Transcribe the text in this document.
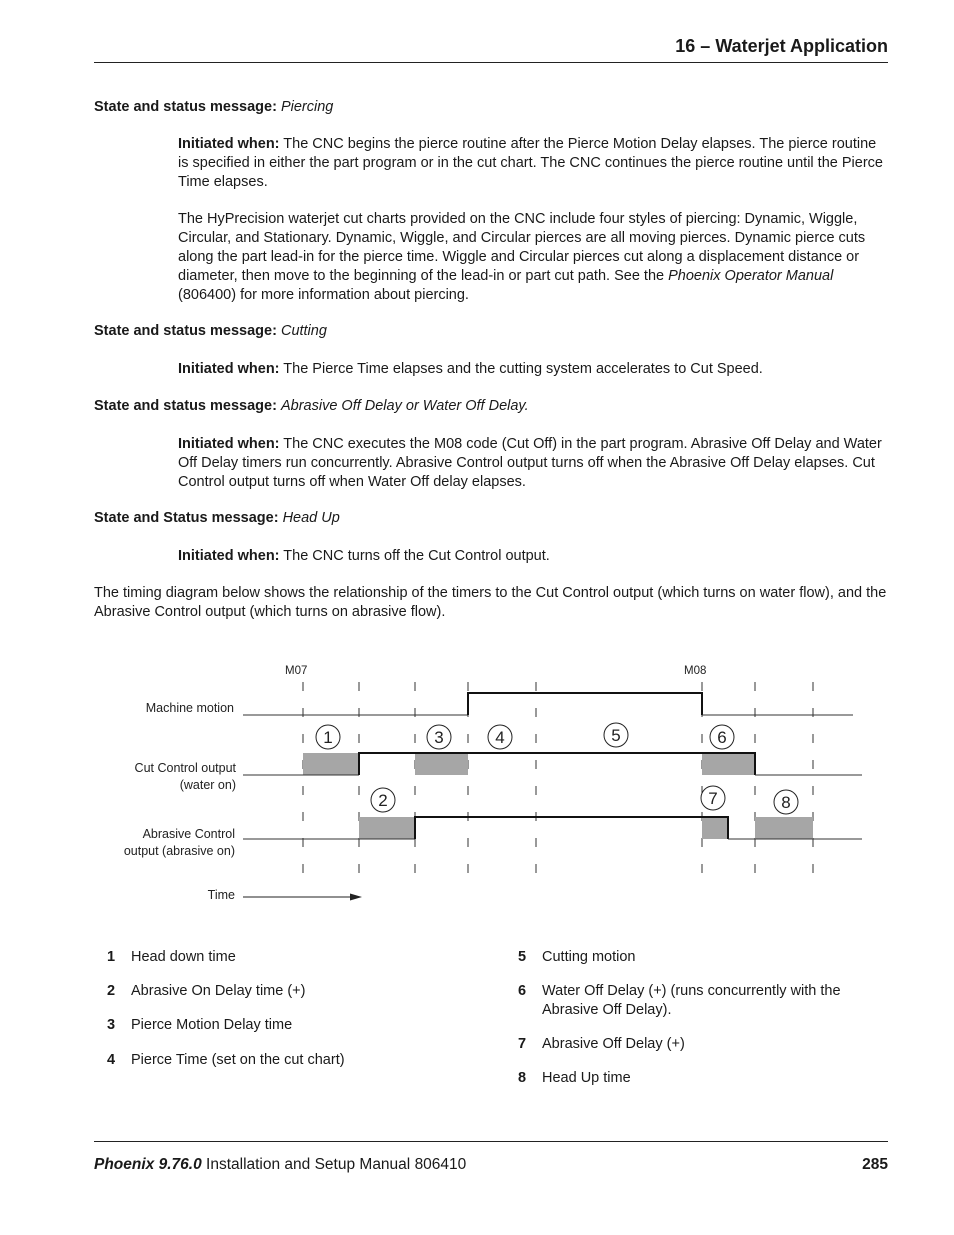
16 – Waterjet Application
State and status message: Piercing
Initiated when: The CNC begins the pierce routine after the Pierce Motion Delay elapses. The pierce routine is specified in either the part program or in the cut chart. The CNC continues the pierce routine until the Pierce Time elapses.
The HyPrecision waterjet cut charts provided on the CNC include four styles of piercing: Dynamic, Wiggle, Circular, and Stationary. Dynamic, Wiggle, and Circular pierces are all moving pierces. Dynamic pierce cuts along the part lead-in for the pierce time. Wiggle and Circular pierces cut along a displacement distance or diameter, then move to the beginning of the lead-in or part cut path. See the Phoenix Operator Manual (806400) for more information about piercing.
State and status message: Cutting
Initiated when: The Pierce Time elapses and the cutting system accelerates to Cut Speed.
State and status message: Abrasive Off Delay or Water Off Delay.
Initiated when: The CNC executes the M08 code (Cut Off) in the part program. Abrasive Off Delay and Water Off Delay timers run concurrently. Abrasive Control output turns off when the Abrasive Off Delay elapses. Cut Control output turns off when Water Off delay elapses.
State and Status message: Head Up
Initiated when: The CNC turns off the Cut Control output.
The timing diagram below shows the relationship of the timers to the Cut Control output (which turns on water flow), and the Abrasive Control output (which turns on abrasive flow).
M07	M08
Machine motion
Cut Control output
(water on)
Abrasive Control
output (abrasive on)
Time
1
2
3	4	5	6
7	8
1 Head down time
2 Abrasive On Delay time (+)
3 Pierce Motion Delay time
4 Pierce Time (set on the cut chart)
5 Cutting motion
6 Water Off Delay (+) (runs concurrently with the
Abrasive Off Delay).
7 Abrasive Off Delay (+)
8 Head Up time
Phoenix 9.76.0 Installation and Setup Manual 806410	285
